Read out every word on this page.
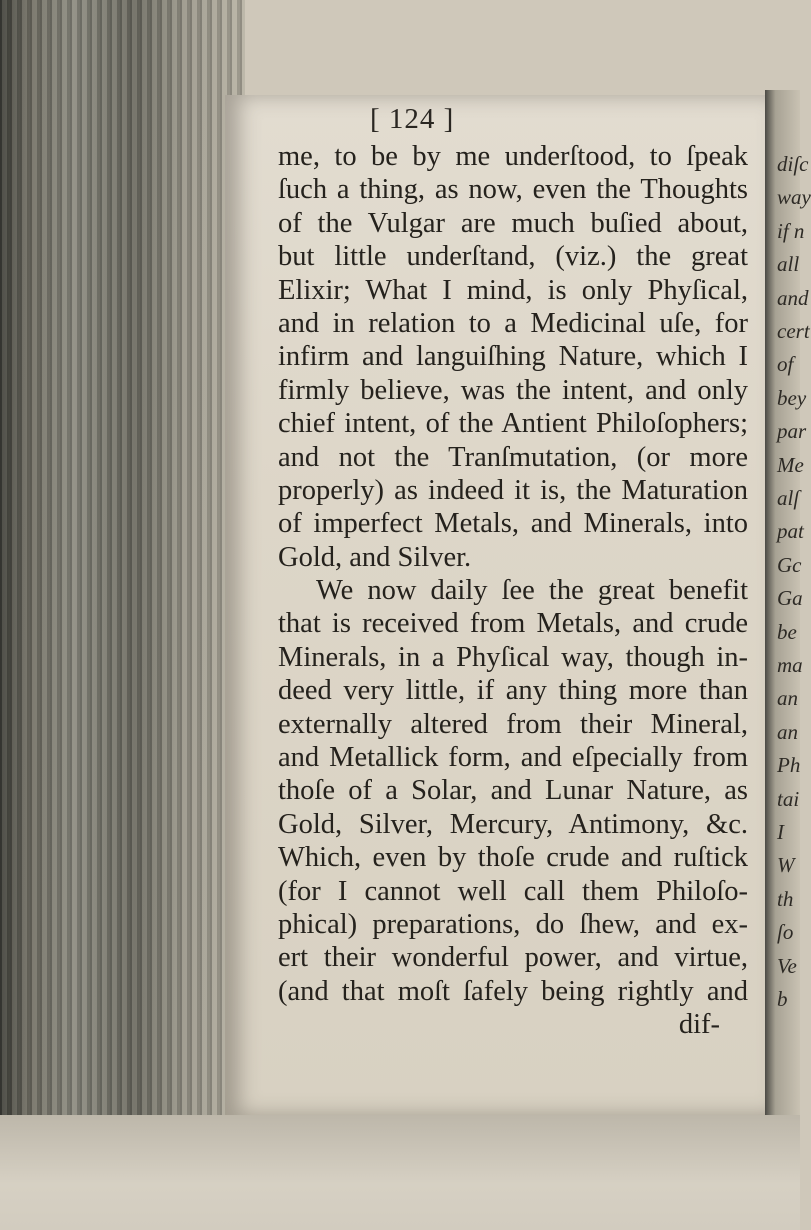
diſc
way
if n
all
and
cert
of
bey
par
Me
alſ
pat
Gc
Ga
be
ma
an
an
Ph
tai
I
W
th
ſo
Ve
b
[ 124 ]
me, to be by me underſtood, to ſpeak
ſuch a thing, as now, even the Thoughts
of the Vulgar are much buſied about,
but little underſtand, (viz.) the great
Elixir; What I mind, is only Phyſical,
and in relation to a Medicinal uſe, for
infirm and languiſhing Nature, which I
firmly believe, was the intent, and only
chief intent, of the Antient Philoſophers;
and not the Tranſmutation, (or more
properly) as indeed it is, the Maturation
of imperfect Metals, and Minerals, into
Gold, and Silver.
We now daily ſee the great benefit
that is received from Metals, and crude
Minerals, in a Phyſical way, though in-
deed very little, if any thing more than
externally altered from their Mineral,
and Metallick form, and eſpecially from
thoſe of a Solar, and Lunar Nature, as
Gold, Silver, Mercury, Antimony, &c.
Which, even by thoſe crude and ruſtick
(for I cannot well call them Philoſo-
phical) preparations, do ſhew, and ex-
ert their wonderful power, and virtue,
(and that moſt ſafely being rightly and
dif-
